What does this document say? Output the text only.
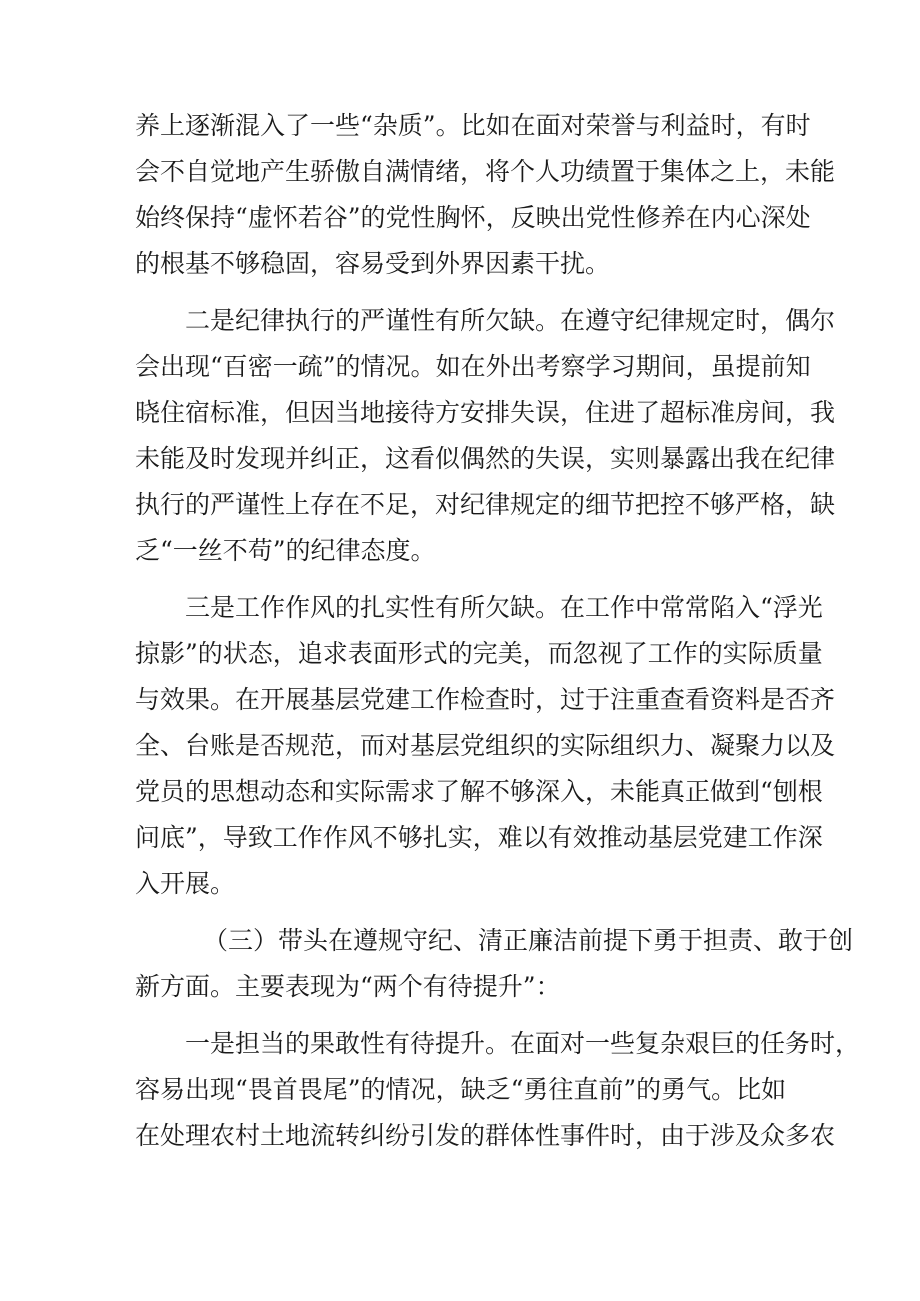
养上逐渐混入了一些“杂质”。比如在面对荣誉与利益时，有时
会不自觉地产生骄傲自满情绪，将个人功绩置于集体之上，未能
始终保持“虚怀若谷”的党性胸怀，反映出党性修养在内心深处
的根基不够稳固，容易受到外界因素干扰。
二是纪律执行的严谨性有所欠缺。在遵守纪律规定时，偶尔
会出现“百密一疏”的情况。如在外出考察学习期间，虽提前知
晓住宿标准，但因当地接待方安排失误，住进了超标准房间，我
未能及时发现并纠正，这看似偶然的失误，实则暴露出我在纪律
执行的严谨性上存在不足，对纪律规定的细节把控不够严格，缺
乏“一丝不苟”的纪律态度。
三是工作作风的扎实性有所欠缺。在工作中常常陷入“浮光
掠影”的状态，追求表面形式的完美，而忽视了工作的实际质量
与效果。在开展基层党建工作检查时，过于注重查看资料是否齐
全、台账是否规范，而对基层党组织的实际组织力、凝聚力以及
党员的思想动态和实际需求了解不够深入，未能真正做到“刨根
问底”，导致工作作风不够扎实，难以有效推动基层党建工作深
入开展。
（三）带头在遵规守纪、清正廉洁前提下勇于担责、敢于创
新方面。主要表现为“两个有待提升”：
一是担当的果敢性有待提升。在面对一些复杂艰巨的任务时，
容易出现“畏首畏尾”的情况，缺乏“勇往直前”的勇气。比如
在处理农村土地流转纠纷引发的群体性事件时，由于涉及众多农
